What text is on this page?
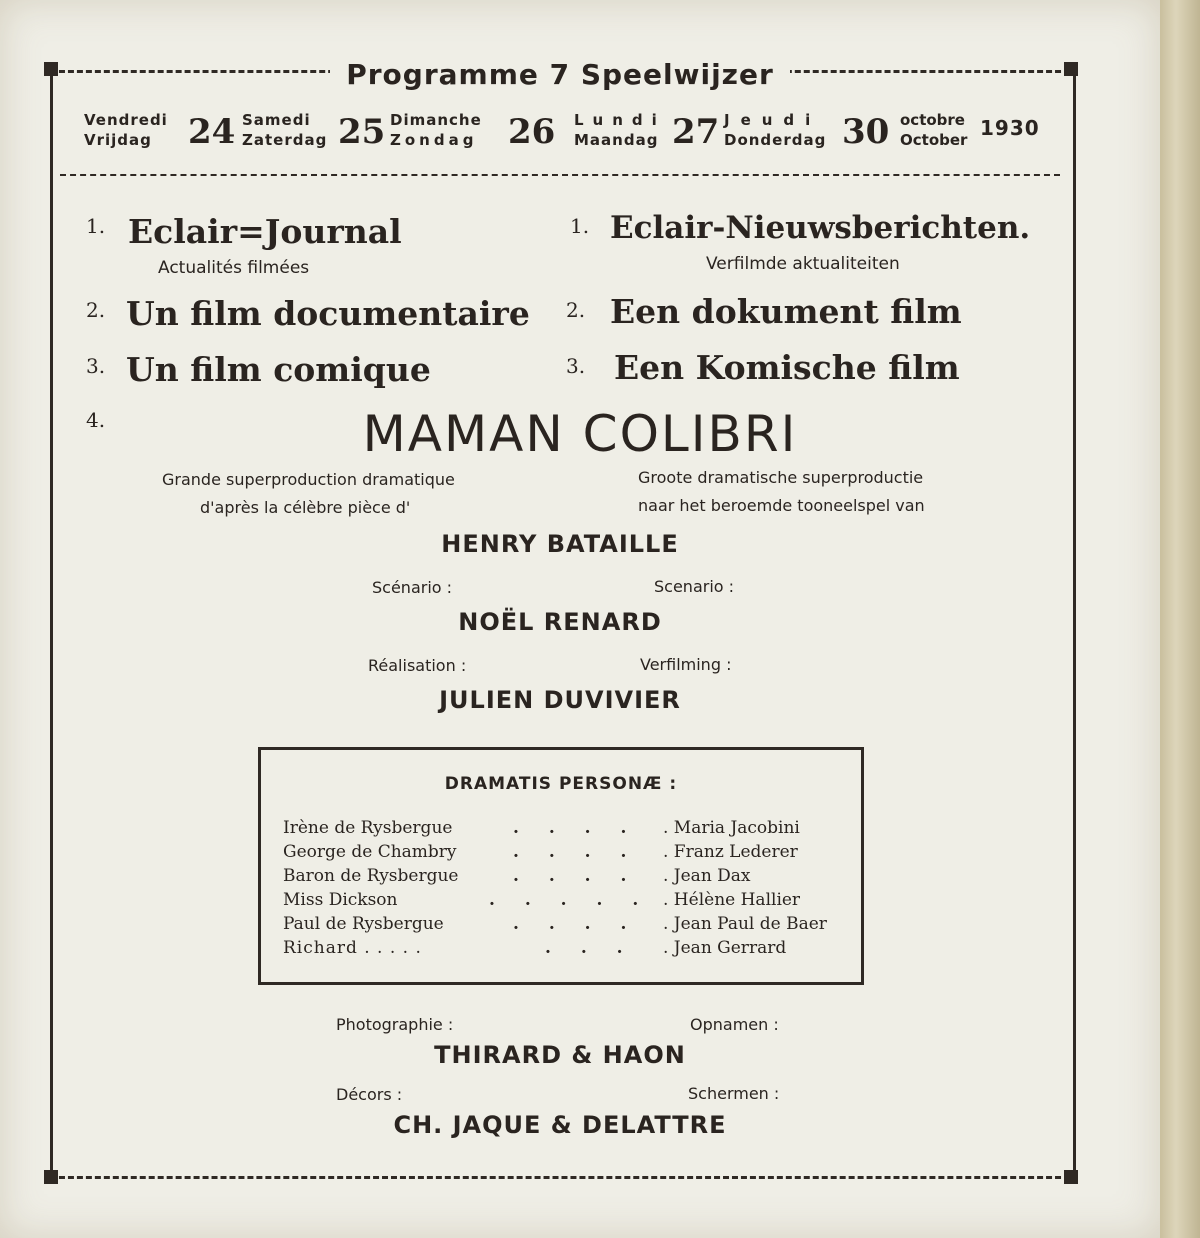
Programme 7 Speelwijzer
Vendredi
Vrijdag	24 Samedi
Zaterdag 25 Dimanche
Zondag 26 Lundi
Maandag 27 Jeudi
Donderdag 30 octobre
October 1930
1. Eclair=Journal
Actualités filmées
1. Eclair-Nieuwsberichten.
Verfilmde aktualiteiten
2. Un film documentaire 2. Een dokument film
3. Un film comique	3. Een Komische film
4.	MAMAN COLIBRI
Grande superproduction dramatique
d'après la célèbre pièce d'
Groote dramatische superproductie
naar het beroemde tooneelspel van
HENRY BATAILLE
Scénario :	Scenario :
NOËL RENARD
Réalisation :	Verfilming :
JULIEN DUVIVIER
DRAMATIS PERSONÆ :
Irène de Rysbergue	. . . . . Maria Jacobini
George de Chambry	. . . . . Franz Lederer
Baron de Rysbergue	. . . . . Jean Dax
Miss Dickson	. . . . . . Hélène Hallier
Paul de Rysbergue	. . . . . Jean Paul de Baer
Richard . . . . .	. . . . Jean Gerrard
Photographie :	Opnamen :
THIRARD & HAON
Décors :	Schermen :
CH. JAQUE & DELATTRE
